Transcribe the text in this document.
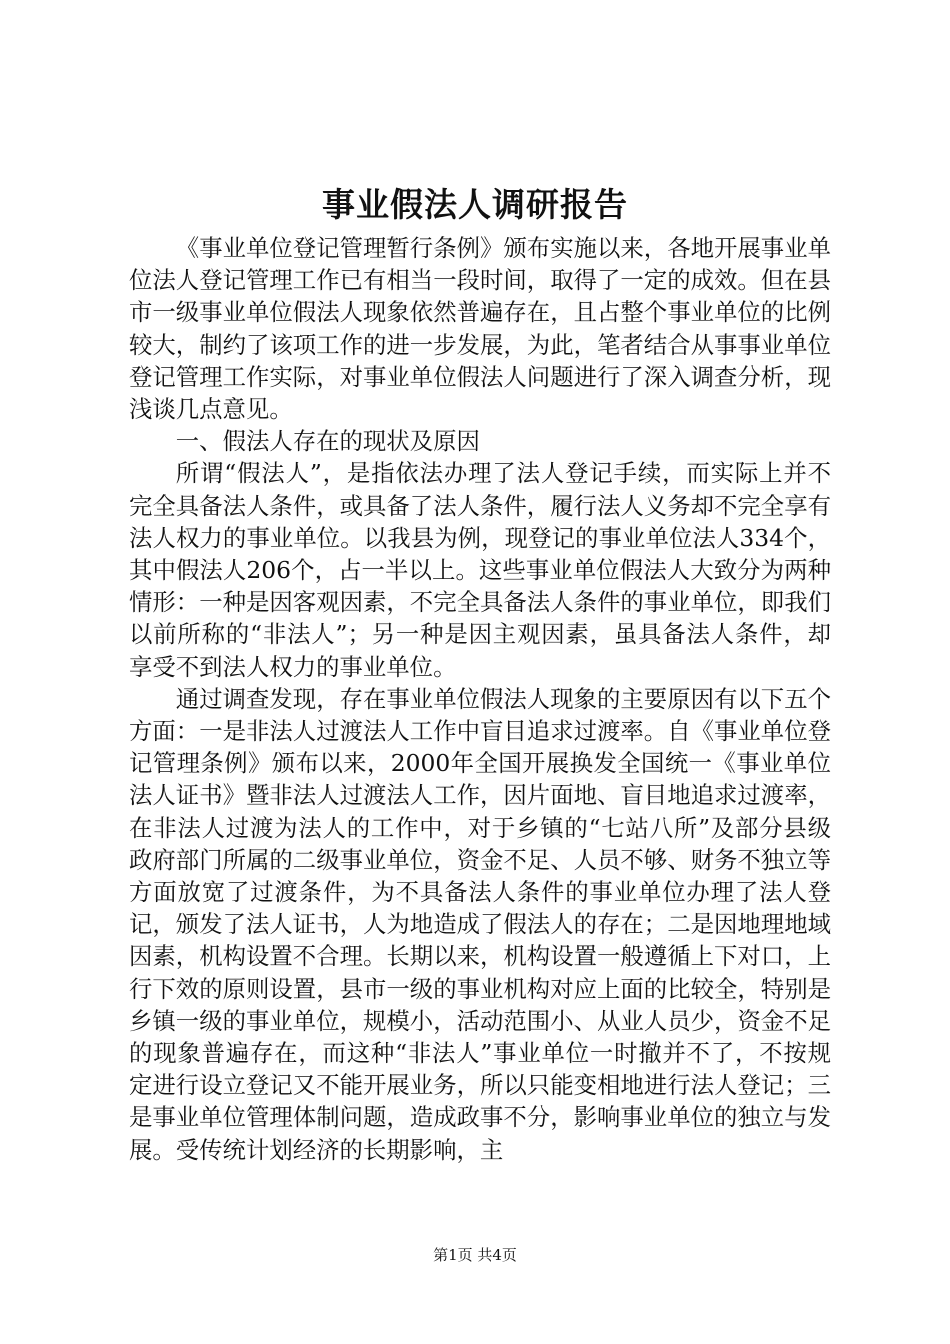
事业假法人调研报告

《事业单位登记管理暂行条例》颁布实施以来，各地开展事业单位法人登记管理工作已有相当一段时间，取得了一定的成效。但在县市一级事业单位假法人现象依然普遍存在，且占整个事业单位的比例较大，制约了该项工作的进一步发展，为此，笔者结合从事事业单位登记管理工作实际，对事业单位假法人问题进行了深入调查分析，现浅谈几点意见。

一、假法人存在的现状及原因

所谓“假法人”，是指依法办理了法人登记手续，而实际上并不完全具备法人条件，或具备了法人条件，履行法人义务却不完全享有法人权力的事业单位。以我县为例，现登记的事业单位法人334个，其中假法人206个，占一半以上。这些事业单位假法人大致分为两种情形：一种是因客观因素，不完全具备法人条件的事业单位，即我们以前所称的“非法人”；另一种是因主观因素，虽具备法人条件，却享受不到法人权力的事业单位。

通过调查发现，存在事业单位假法人现象的主要原因有以下五个方面：一是非法人过渡法人工作中盲目追求过渡率。自《事业单位登记管理条例》颁布以来，2000年全国开展换发全国统一《事业单位法人证书》暨非法人过渡法人工作，因片面地、盲目地追求过渡率，在非法人过渡为法人的工作中，对于乡镇的“七站八所”及部分县级政府部门所属的二级事业单位，资金不足、人员不够、财务不独立等方面放宽了过渡条件，为不具备法人条件的事业单位办理了法人登记，颁发了法人证书，人为地造成了假法人的存在；二是因地理地域因素，机构设置不合理。长期以来，机构设置一般遵循上下对口，上行下效的原则设置，县市一级的事业机构对应上面的比较全，特别是乡镇一级的事业单位，规模小，活动范围小、从业人员少，资金不足的现象普遍存在，而这种“非法人”事业单位一时撤并不了，不按规定进行设立登记又不能开展业务，所以只能变相地进行法人登记；三是事业单位管理体制问题，造成政事不分，影响事业单位的独立与发展。受传统计划经济的长期影响，主

第1页 共4页
